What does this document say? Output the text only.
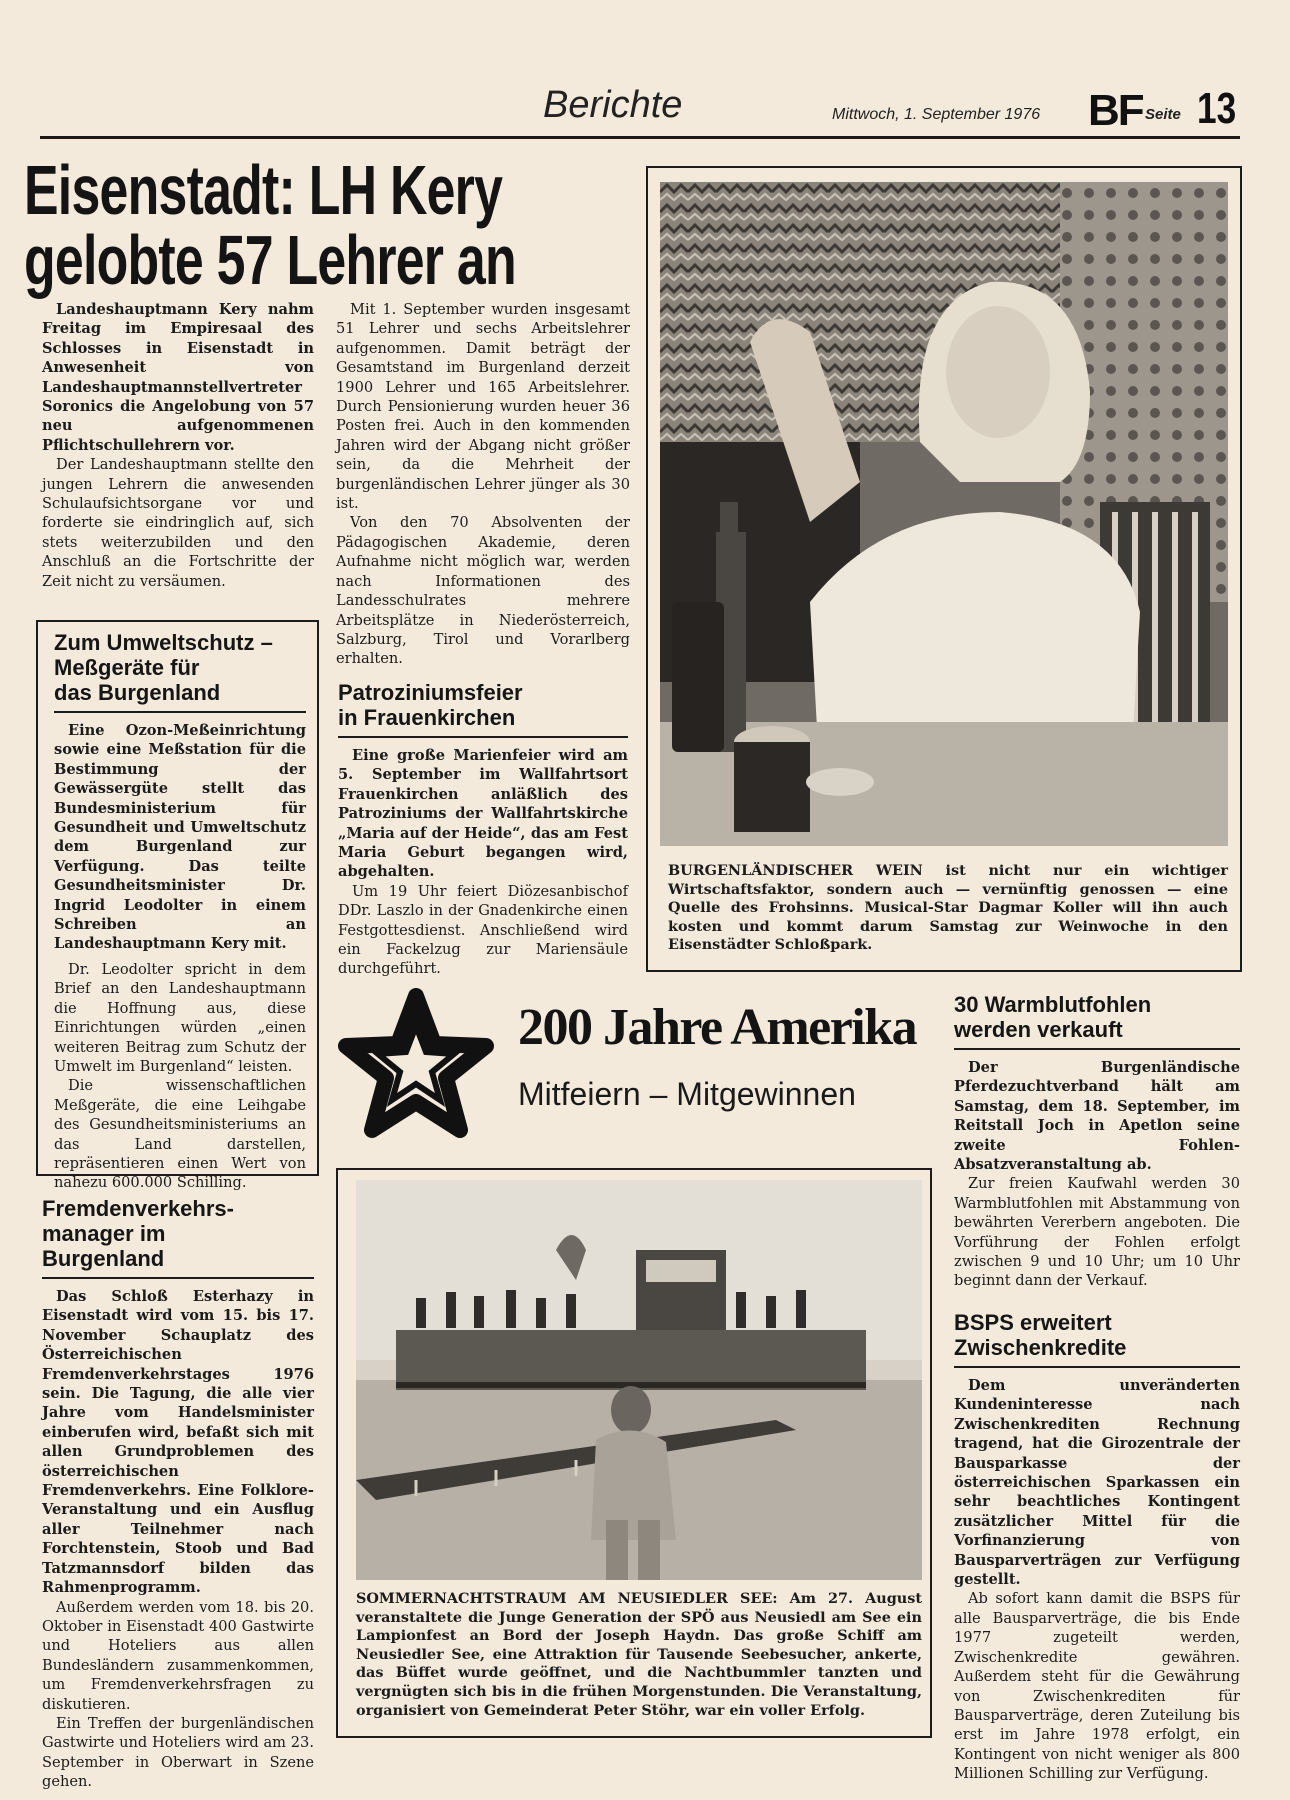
Berichte	Mittwoch, 1. September 1976 BF Seite 13
Eisenstadt: LH Kery
gelobte 57 Lehrer an

Landeshauptmann Kery nahm Freitag im Empiresaal des Schlosses in Eisenstadt in Anwesenheit von Landeshauptmannstellvertreter Soronics die Angelobung von 57 neu aufgenommenen Pflichtschullehrern vor.

Der Landeshauptmann stellte den jungen Lehrern die anwesenden Schulaufsichtsorgane vor und forderte sie eindringlich auf, sich stets weiterzubilden und den Anschluß an die Fortschritte der Zeit nicht zu versäumen.

Mit 1. September wurden insgesamt 51 Lehrer und sechs Arbeitslehrer aufgenommen. Damit beträgt der Gesamtstand im Burgenland derzeit 1900 Lehrer und 165 Arbeitslehrer. Durch Pensionierung wurden heuer 36 Posten frei. Auch in den kommenden Jahren wird der Abgang nicht größer sein, da die Mehrheit der burgenländischen Lehrer jünger als 30 ist.

Von den 70 Absolventen der Pädagogischen Akademie, deren Aufnahme nicht möglich war, werden nach Informationen des Landesschulrates mehrere Arbeitsplätze in Niederösterreich, Salzburg, Tirol und Vorarlberg erhalten.

Zum Umweltschutz –
Meßgeräte für
das Burgenland

Eine Ozon-Meßeinrichtung sowie eine Meßstation für die Bestimmung der Gewässergüte stellt das Bundesministerium für Gesundheit und Umweltschutz dem Burgenland zur Verfügung. Das teilte Gesundheitsminister Dr. Ingrid Leodolter in einem Schreiben an Landeshauptmann Kery mit.

Dr. Leodolter spricht in dem Brief an den Landeshauptmann die Hoffnung aus, diese Einrichtungen würden „einen weiteren Beitrag zum Schutz der Umwelt im Burgenland“ leisten.

Die wissenschaftlichen Meßgeräte, die eine Leihgabe des Gesundheitsministeriums an das Land darstellen, repräsentieren einen Wert von nahezu 600.000 Schilling.

Patroziniumsfeier
in Frauenkirchen

Eine große Marienfeier wird am 5. September im Wallfahrtsort Frauenkirchen anläßlich des Patroziniums der Wallfahrtskirche „Maria auf der Heide“, das am Fest Maria Geburt begangen wird, abgehalten.

Um 19 Uhr feiert Diözesanbischof DDr. Laszlo in der Gnadenkirche einen Festgottesdienst. Anschließend wird ein Fackelzug zur Mariensäule durchgeführt.

BURGENLÄNDISCHER WEIN ist nicht nur ein wichtiger Wirtschaftsfaktor, sondern auch — vernünftig genossen — eine Quelle des Frohsinns. Musical-Star Dagmar Koller will ihn auch kosten und kommt darum Samstag zur Weinwoche in den Eisenstädter Schloßpark.

Fremdenverkehrs-
manager im
Burgenland

Das Schloß Esterhazy in Eisenstadt wird vom 15. bis 17. November Schauplatz des Österreichischen Fremdenverkehrstages 1976 sein. Die Tagung, die alle vier Jahre vom Handelsminister einberufen wird, befaßt sich mit allen Grundproblemen des österreichischen Fremdenverkehrs. Eine Folklore-Veranstaltung und ein Ausflug aller Teilnehmer nach Forchtenstein, Stoob und Bad Tatzmannsdorf bilden das Rahmenprogramm.

Außerdem werden vom 18. bis 20. Oktober in Eisenstadt 400 Gastwirte und Hoteliers aus allen Bundesländern zusammenkommen, um Fremdenverkehrsfragen zu diskutieren.

Ein Treffen der burgenländischen Gastwirte und Hoteliers wird am 23. September in Oberwart in Szene gehen.

200 Jahre Amerika
Mitfeiern – Mitgewinnen

SOMMERNACHTSTRAUM AM NEUSIEDLER SEE: Am 27. August veranstaltete die Junge Generation der SPÖ aus Neusiedl am See ein Lampionfest an Bord der Joseph Haydn. Das große Schiff am Neusiedler See, eine Attraktion für Tausende Seebesucher, ankerte, das Büffet wurde geöffnet, und die Nachtbummler tanzten und vergnügten sich bis in die frühen Morgenstunden. Die Veranstaltung, organisiert von Gemeinderat Peter Stöhr, war ein voller Erfolg.

30 Warmblutfohlen
werden verkauft

Der Burgenländische Pferdezuchtverband hält am Samstag, dem 18. September, im Reitstall Joch in Apetlon seine zweite Fohlen-Absatzveranstaltung ab.

Zur freien Kaufwahl werden 30 Warmblutfohlen mit Abstammung von bewährten Vererbern angeboten. Die Vorführung der Fohlen erfolgt zwischen 9 und 10 Uhr; um 10 Uhr beginnt dann der Verkauf.

BSPS erweitert
Zwischenkredite

Dem unveränderten Kundeninteresse nach Zwischenkrediten Rechnung tragend, hat die Girozentrale der Bausparkasse der österreichischen Sparkassen ein sehr beachtliches Kontingent zusätzlicher Mittel für die Vorfinanzierung von Bausparverträgen zur Verfügung gestellt.

Ab sofort kann damit die BSPS für alle Bausparverträge, die bis Ende 1977 zugeteilt werden, Zwischenkredite gewähren. Außerdem steht für die Gewährung von Zwischenkrediten für Bausparverträge, deren Zuteilung bis erst im Jahre 1978 erfolgt, ein Kontingent von nicht weniger als 800 Millionen Schilling zur Verfügung.
